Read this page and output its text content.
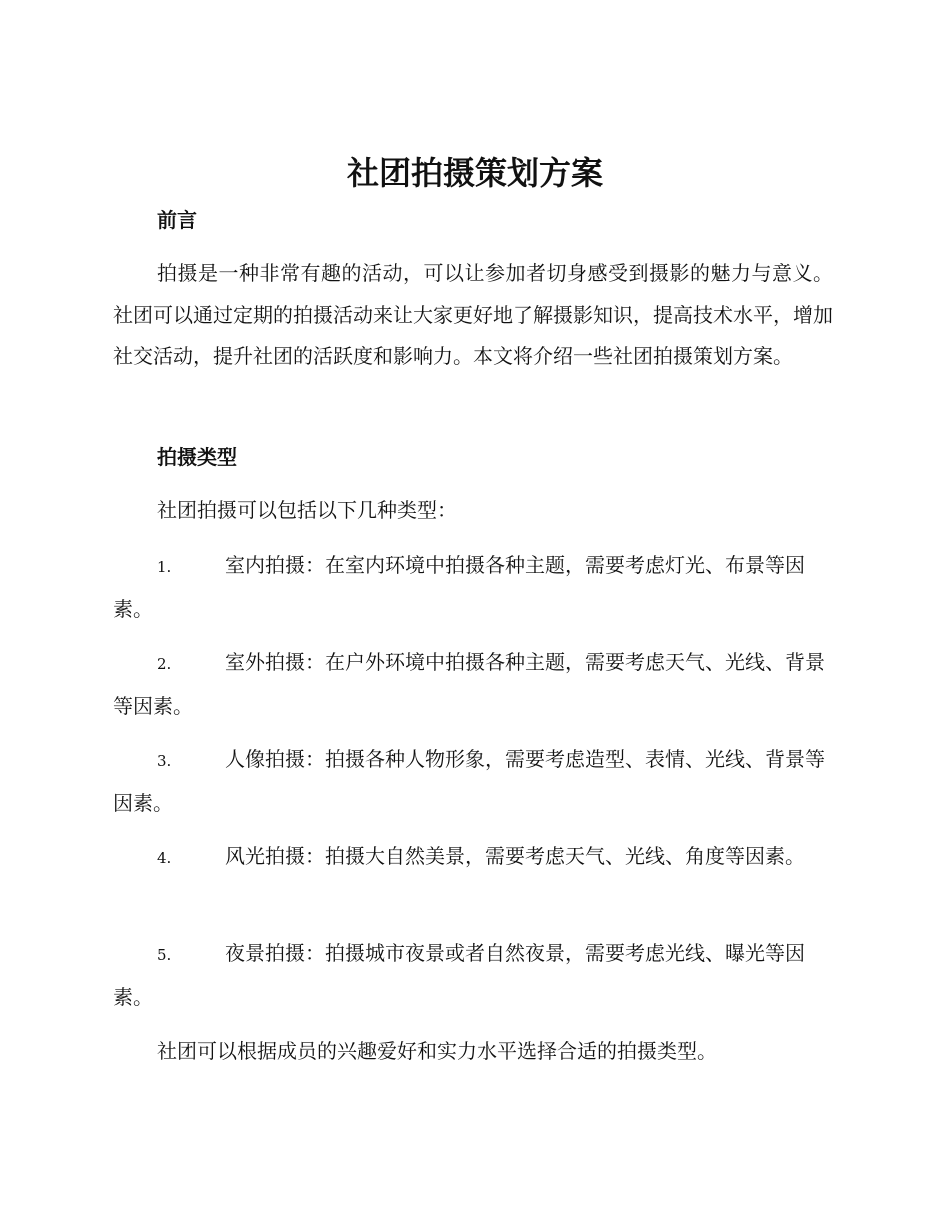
社团拍摄策划方案
前言

拍摄是一种非常有趣的活动，可以让参加者切身感受到摄影的魅力与意义。社团可以通过定期的拍摄活动来让大家更好地了解摄影知识，提高技术水平，增加社交活动，提升社团的活跃度和影响力。本文将介绍一些社团拍摄策划方案。

拍摄类型

社团拍摄可以包括以下几种类型：

1.	室内拍摄：在室内环境中拍摄各种主题，需要考虑灯光、布景等因素。

2.	室外拍摄：在户外环境中拍摄各种主题，需要考虑天气、光线、背景等因素。

3.	人像拍摄：拍摄各种人物形象，需要考虑造型、表情、光线、背景等因素。

4.	风光拍摄：拍摄大自然美景，需要考虑天气、光线、角度等因素。

5.	夜景拍摄：拍摄城市夜景或者自然夜景，需要考虑光线、曝光等因素。

社团可以根据成员的兴趣爱好和实力水平选择合适的拍摄类型。
